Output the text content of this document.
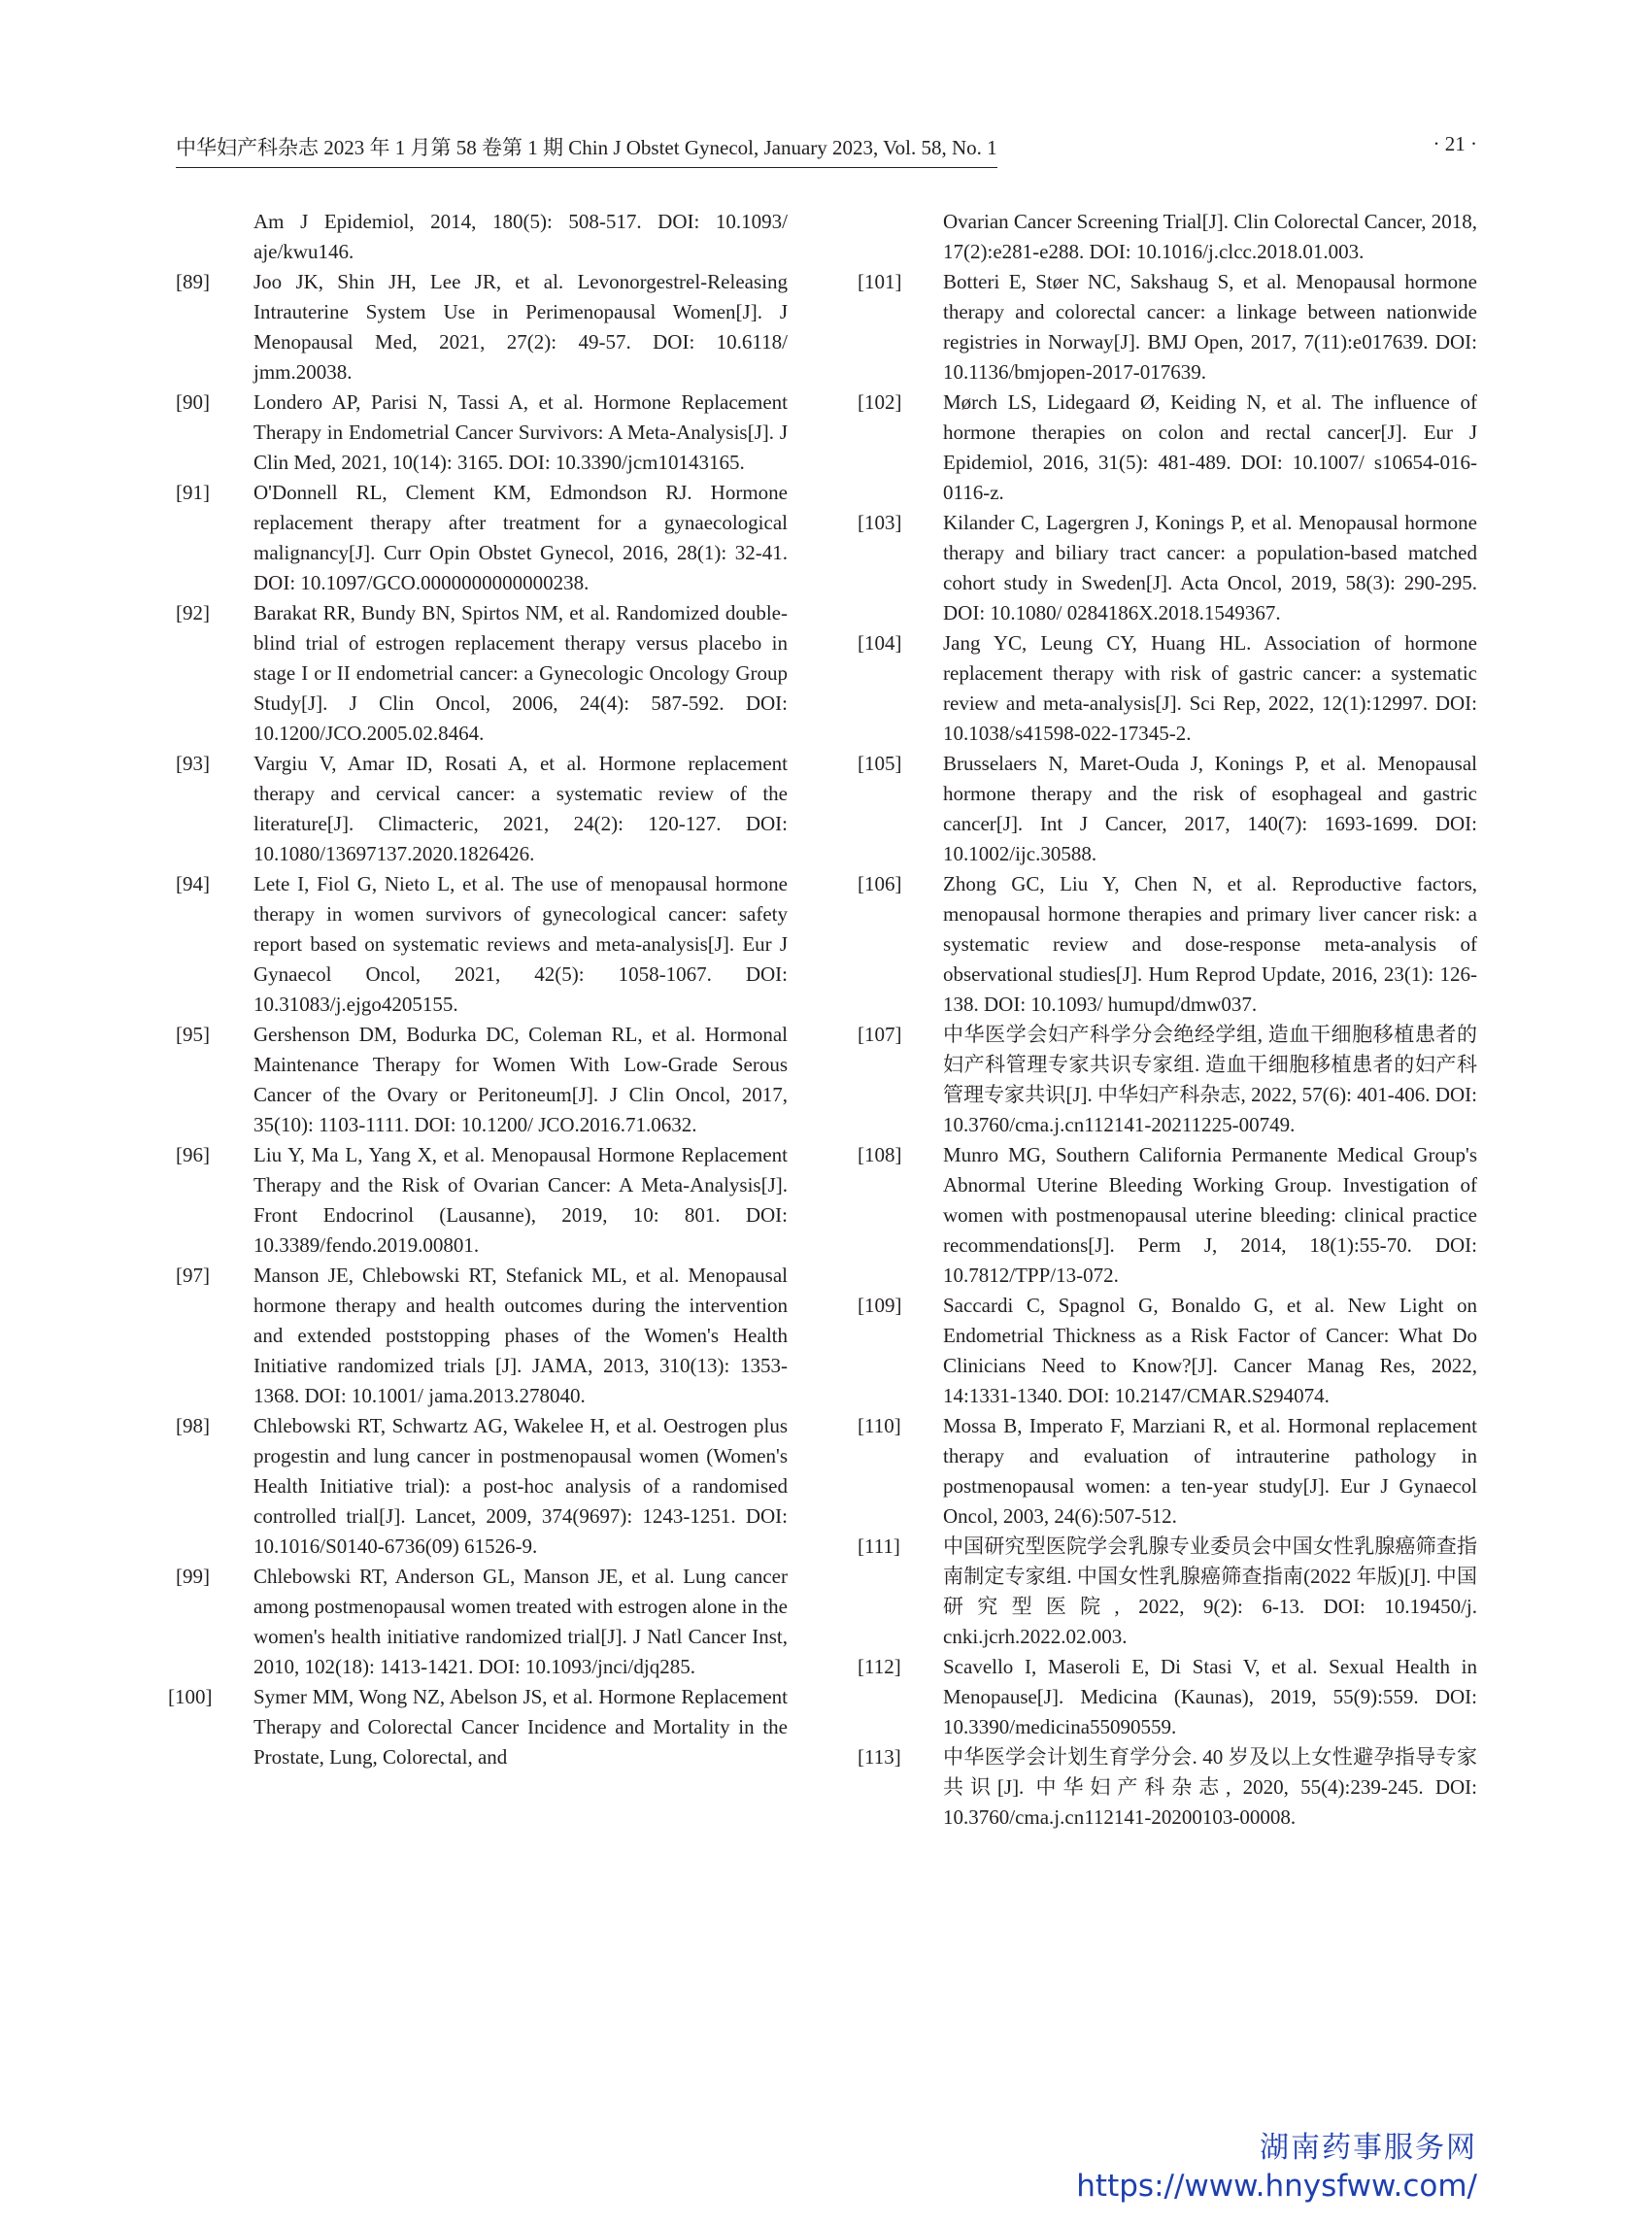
中华妇产科杂志 2023 年 1 月第 58 卷第 1 期 Chin J Obstet Gynecol, January 2023, Vol. 58, No. 1	· 21 ·
Am J Epidemiol, 2014, 180(5): 508-517. DOI: 10.1093/ aje/kwu146.
[89]	Joo JK, Shin JH, Lee JR, et al. Levonorgestrel-Releasing Intrauterine System Use in Perimenopausal Women[J]. J Menopausal Med, 2021, 27(2): 49-57. DOI: 10.6118/ jmm.20038.
[90]	Londero AP, Parisi N, Tassi A, et al. Hormone Replacement Therapy in Endometrial Cancer Survivors: A Meta-Analysis[J]. J Clin Med, 2021, 10(14): 3165. DOI: 10.3390/jcm10143165.
[91]	O'Donnell RL, Clement KM, Edmondson RJ. Hormone replacement therapy after treatment for a gynaecological malignancy[J]. Curr Opin Obstet Gynecol, 2016, 28(1): 32-41. DOI: 10.1097/GCO.0000000000000238.
[92]	Barakat RR, Bundy BN, Spirtos NM, et al. Randomized double-blind trial of estrogen replacement therapy versus placebo in stage I or II endometrial cancer: a Gynecologic Oncology Group Study[J]. J Clin Oncol, 2006, 24(4): 587-592. DOI: 10.1200/JCO.2005.02.8464.
[93]	Vargiu V, Amar ID, Rosati A, et al. Hormone replacement therapy and cervical cancer: a systematic review of the literature[J]. Climacteric, 2021, 24(2): 120-127. DOI: 10.1080/13697137.2020.1826426.
[94]	Lete I, Fiol G, Nieto L, et al. The use of menopausal hormone therapy in women survivors of gynecological cancer: safety report based on systematic reviews and meta-analysis[J]. Eur J Gynaecol Oncol, 2021, 42(5): 1058-1067. DOI: 10.31083/j.ejgo4205155.
[95]	Gershenson DM, Bodurka DC, Coleman RL, et al. Hormonal Maintenance Therapy for Women With Low-Grade Serous Cancer of the Ovary or Peritoneum[J]. J Clin Oncol, 2017, 35(10): 1103-1111. DOI: 10.1200/ JCO.2016.71.0632.
[96]	Liu Y, Ma L, Yang X, et al. Menopausal Hormone Replacement Therapy and the Risk of Ovarian Cancer: A Meta-Analysis[J]. Front Endocrinol (Lausanne), 2019, 10: 801. DOI: 10.3389/fendo.2019.00801.
[97]	Manson JE, Chlebowski RT, Stefanick ML, et al. Menopausal hormone therapy and health outcomes during the intervention and extended poststopping phases of the Women's Health Initiative randomized trials [J]. JAMA, 2013, 310(13): 1353-1368. DOI: 10.1001/ jama.2013.278040.
[98]	Chlebowski RT, Schwartz AG, Wakelee H, et al. Oestrogen plus progestin and lung cancer in postmenopausal women (Women's Health Initiative trial): a post-hoc analysis of a randomised controlled trial[J]. Lancet, 2009, 374(9697): 1243-1251. DOI: 10.1016/S0140-6736(09) 61526-9.
[99]	Chlebowski RT, Anderson GL, Manson JE, et al. Lung cancer among postmenopausal women treated with estrogen alone in the women's health initiative randomized trial[J]. J Natl Cancer Inst, 2010, 102(18): 1413-1421. DOI: 10.1093/jnci/djq285.
[100]	Symer MM, Wong NZ, Abelson JS, et al. Hormone Replacement Therapy and Colorectal Cancer Incidence and Mortality in the Prostate, Lung, Colorectal, and
Ovarian Cancer Screening Trial[J]. Clin Colorectal Cancer, 2018, 17(2):e281-e288. DOI: 10.1016/j.clcc.2018.01.003.
[101]	Botteri E, Støer NC, Sakshaug S, et al. Menopausal hormone therapy and colorectal cancer: a linkage between nationwide registries in Norway[J]. BMJ Open, 2017, 7(11):e017639. DOI: 10.1136/bmjopen-2017-017639.
[102]	Mørch LS, Lidegaard Ø, Keiding N, et al. The influence of hormone therapies on colon and rectal cancer[J]. Eur J Epidemiol, 2016, 31(5): 481-489. DOI: 10.1007/ s10654-016-0116-z.
[103]	Kilander C, Lagergren J, Konings P, et al. Menopausal hormone therapy and biliary tract cancer: a population-based matched cohort study in Sweden[J]. Acta Oncol, 2019, 58(3): 290-295. DOI: 10.1080/ 0284186X.2018.1549367.
[104]	Jang YC, Leung CY, Huang HL. Association of hormone replacement therapy with risk of gastric cancer: a systematic review and meta-analysis[J]. Sci Rep, 2022, 12(1):12997. DOI: 10.1038/s41598-022-17345-2.
[105]	Brusselaers N, Maret-Ouda J, Konings P, et al. Menopausal hormone therapy and the risk of esophageal and gastric cancer[J]. Int J Cancer, 2017, 140(7): 1693-1699. DOI: 10.1002/ijc.30588.
[106]	Zhong GC, Liu Y, Chen N, et al. Reproductive factors, menopausal hormone therapies and primary liver cancer risk: a systematic review and dose-response meta-analysis of observational studies[J]. Hum Reprod Update, 2016, 23(1): 126-138. DOI: 10.1093/ humupd/dmw037.
[107]	中华医学会妇产科学分会绝经学组, 造血干细胞移植患者的妇产科管理专家共识专家组. 造血干细胞移植患者的妇产科管理专家共识[J]. 中华妇产科杂志, 2022, 57(6): 401-406. DOI: 10.3760/cma.j.cn112141-20211225-00749.
[108]	Munro MG, Southern California Permanente Medical Group's Abnormal Uterine Bleeding Working Group. Investigation of women with postmenopausal uterine bleeding: clinical practice recommendations[J]. Perm J, 2014, 18(1):55-70. DOI: 10.7812/TPP/13-072.
[109]	Saccardi C, Spagnol G, Bonaldo G, et al. New Light on Endometrial Thickness as a Risk Factor of Cancer: What Do Clinicians Need to Know?[J]. Cancer Manag Res, 2022, 14:1331-1340. DOI: 10.2147/CMAR.S294074.
[110]	Mossa B, Imperato F, Marziani R, et al. Hormonal replacement therapy and evaluation of intrauterine pathology in postmenopausal women: a ten-year study[J]. Eur J Gynaecol Oncol, 2003, 24(6):507-512.
[111]	中国研究型医院学会乳腺专业委员会中国女性乳腺癌筛查指南制定专家组. 中国女性乳腺癌筛查指南(2022 年版)[J]. 中国研究型医院, 2022, 9(2): 6-13. DOI: 10.19450/j. cnki.jcrh.2022.02.003.
[112]	Scavello I, Maseroli E, Di Stasi V, et al. Sexual Health in Menopause[J]. Medicina (Kaunas), 2019, 55(9):559. DOI: 10.3390/medicina55090559.
[113]	中华医学会计划生育学分会. 40 岁及以上女性避孕指导专家共识[J]. 中华妇产科杂志, 2020, 55(4):239-245. DOI: 10.3760/cma.j.cn112141-20200103-00008.
湖南药事服务网
https://www.hnysfww.com/
